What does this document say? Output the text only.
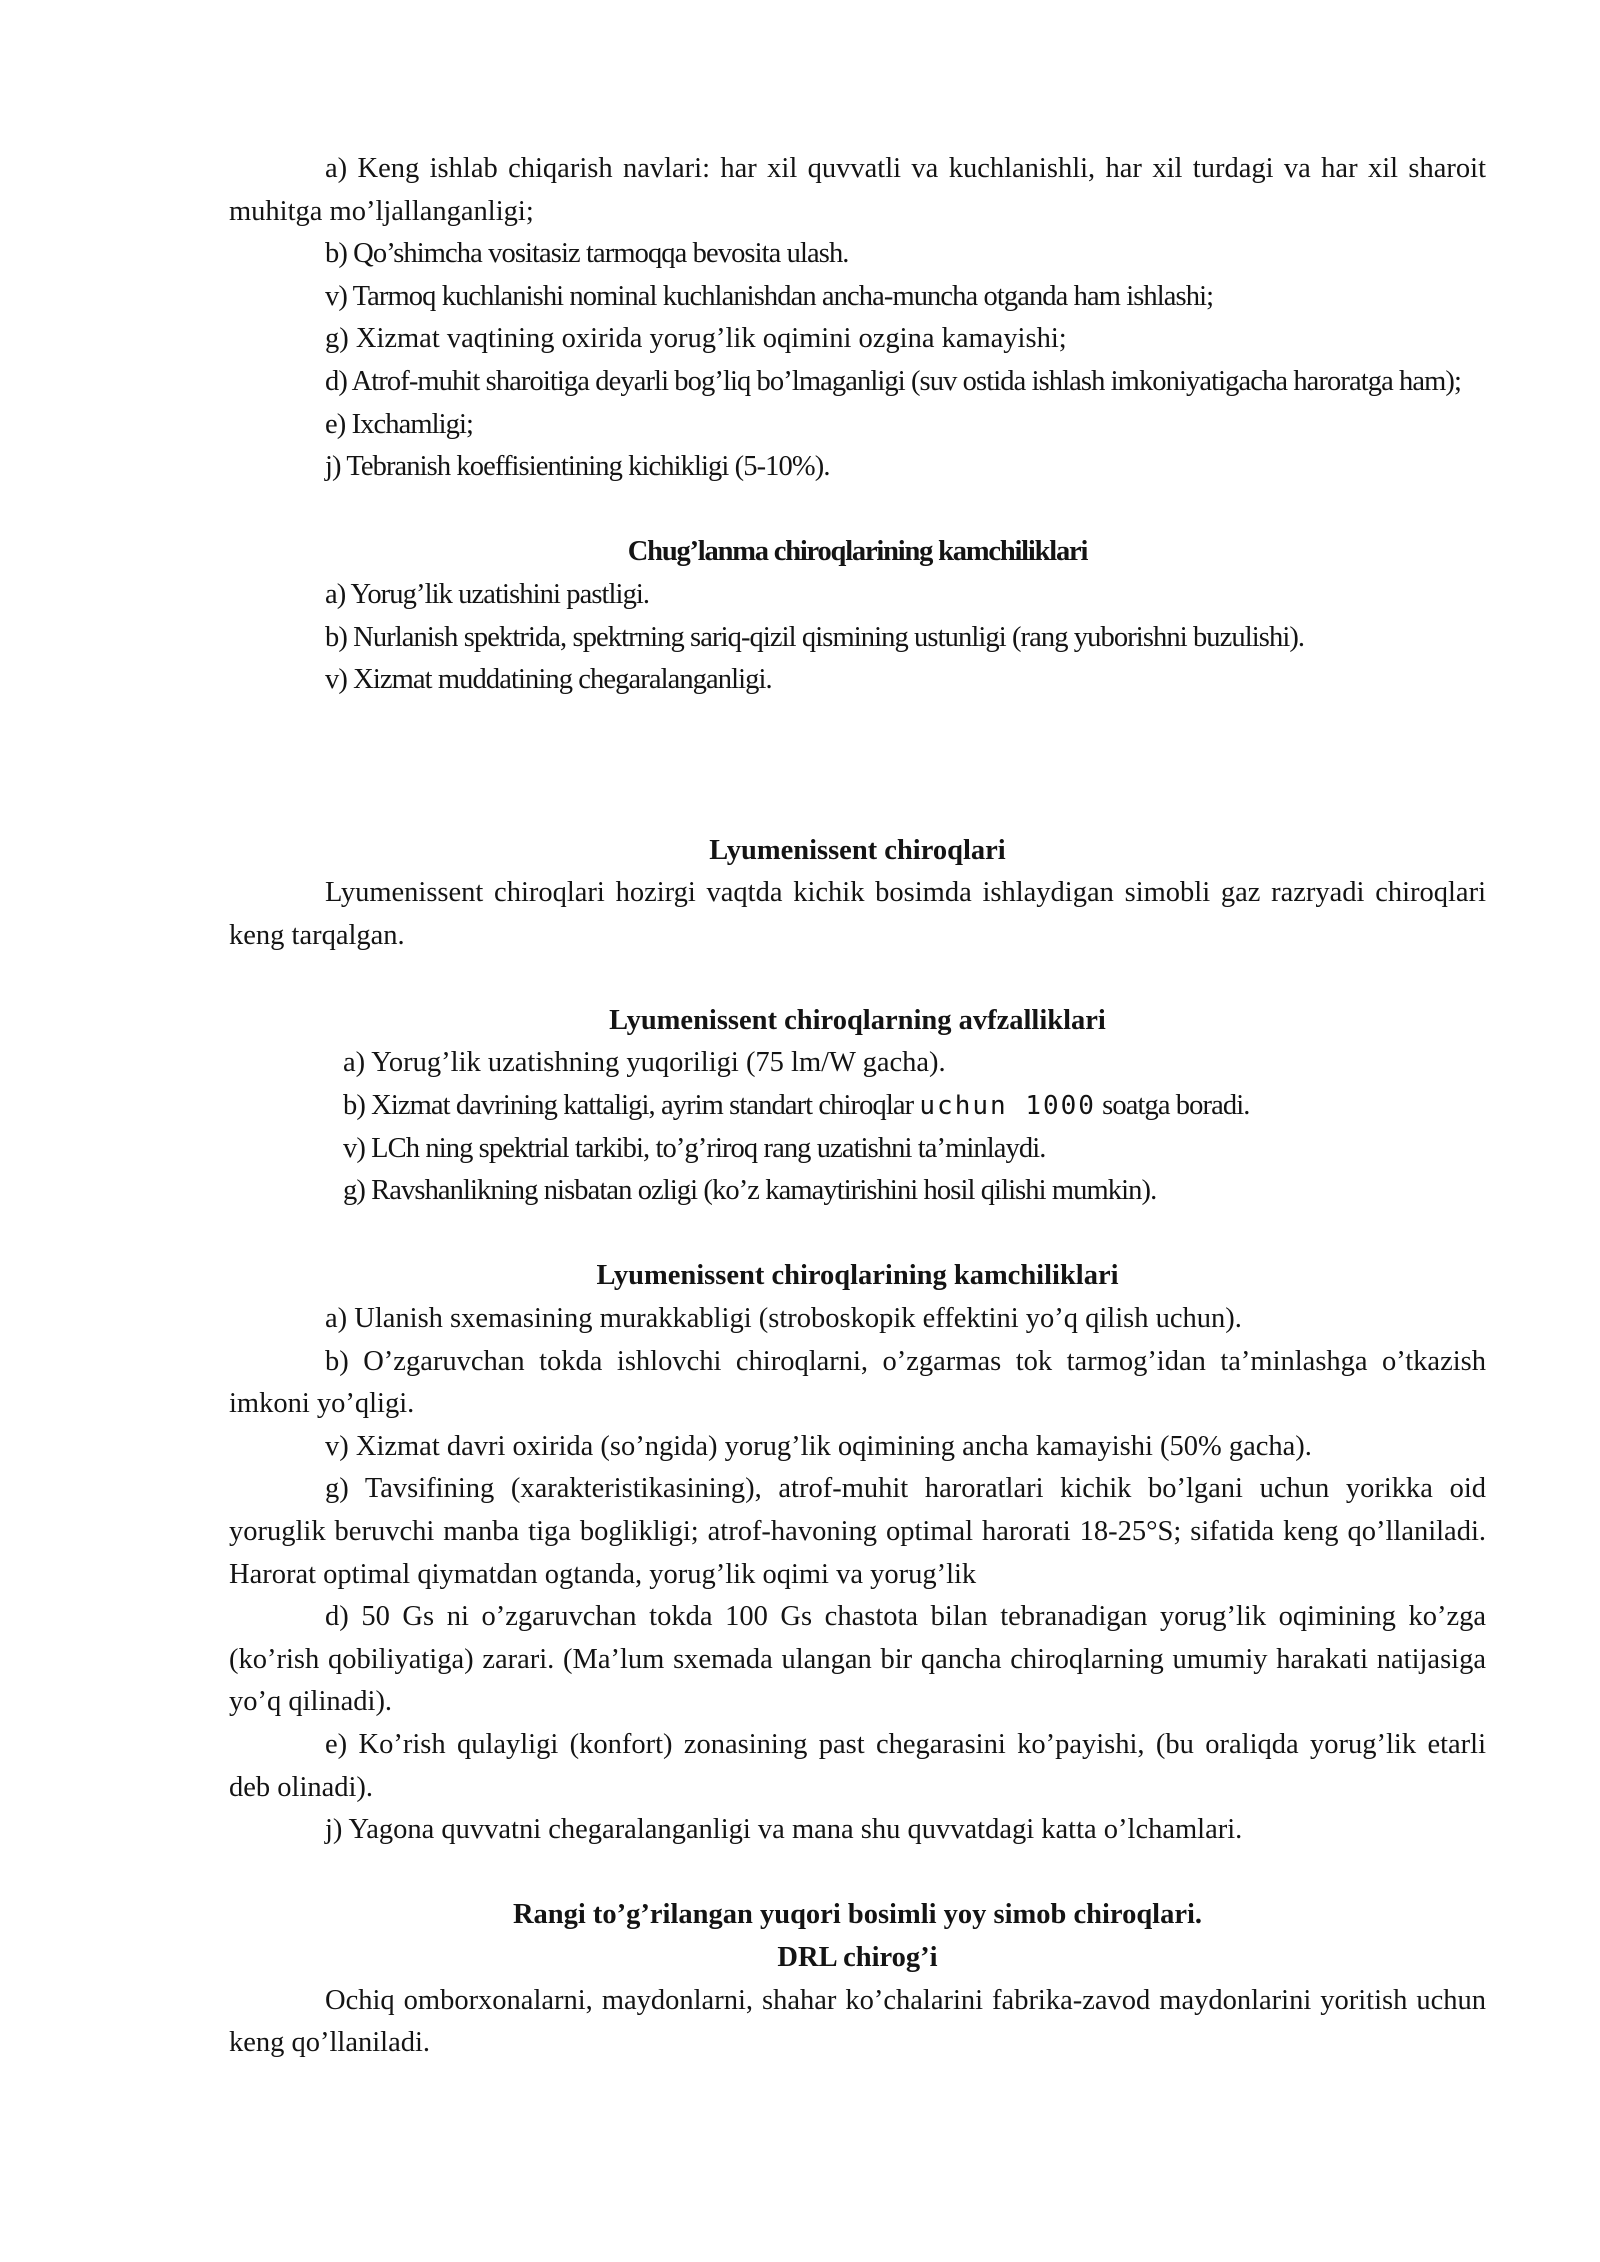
a) Keng ishlab chiqarish navlari: har xil quvvatli va kuchlanishli, har xil turdagi va har xil sharoit muhitga mo’ljallanganligi;

b) Qo’shimcha vositasiz tarmoqqa bevosita ulash.

v) Tarmoq kuchlanishi nominal kuchlanishdan ancha-muncha otganda ham ishlashi;

g) Xizmat vaqtining oxirida yorug’lik oqimini ozgina kamayishi;

d) Atrof-muhit sharoitiga deyarli bog’liq bo’lmaganligi (suv ostida ishlash imkoniyatigacha haroratga ham);

e) Ixchamligi;

j) Tebranish koeffisientining kichikligi (5-10%).

Chug’lanma chiroqlarining kamchiliklari

a) Yorug’lik uzatishini pastligi.

b) Nurlanish spektrida, spektrning sariq-qizil qismining ustunligi (rang yuborishni buzulishi).

v) Xizmat muddatining chegaralanganligi.

Lyumenissent chiroqlari

Lyumenissent chiroqlari hozirgi vaqtda kichik bosimda ishlaydigan simobli gaz razryadi chiroqlari keng tarqalgan.

Lyumenissent chiroqlarning avfzalliklari

a) Yorug’lik uzatishning yuqoriligi (75 lm/W gacha).

b) Xizmat davrining kattaligi, ayrim standart chiroqlar uchun 1000 soatga boradi.

v) LCh ning spektrial tarkibi, to’g’riroq rang uzatishni ta’minlaydi.

g) Ravshanlikning nisbatan ozligi (ko’z kamaytirishini hosil qilishi mumkin).

Lyumenissent chiroqlarining kamchiliklari

a) Ulanish sxemasining murakkabligi (stroboskopik effektini yo’q qilish uchun).

b) O’zgaruvchan tokda ishlovchi chiroqlarni, o’zgarmas tok tarmog’idan ta’minlashga o’tkazish imkoni yo’qligi.

v) Xizmat davri oxirida (so’ngida) yorug’lik oqimining ancha kamayishi (50% gacha).

g) Tavsifining (xarakteristikasining), atrof-muhit haroratlari kichik bo’lgani uchun yorikka oid yoruglik beruvchi manba tiga boglikligi; atrof-havoning optimal harorati 18-25°S; sifatida keng qo’llaniladi. Harorat optimal qiymatdan ogtanda, yorug’lik oqimi va yorug’lik

d) 50 Gs ni o’zgaruvchan tokda 100 Gs chastota bilan tebranadigan yorug’lik oqimining ko’zga (ko’rish qobiliyatiga) zarari. (Ma’lum sxemada ulangan bir qancha chiroqlarning umumiy harakati natijasiga yo’q qilinadi).

e) Ko’rish qulayligi (konfort) zonasining past chegarasini ko’payishi, (bu oraliqda yorug’lik etarli deb olinadi).

j) Yagona quvvatni chegaralanganligi va mana shu quvvatdagi katta o’lchamlari.

Rangi to’g’rilangan yuqori bosimli yoy simob chiroqlari.

DRL chirog’i

Ochiq omborxonalarni, maydonlarni, shahar ko’chalarini fabrika-zavod maydonlarini yoritish uchun keng qo’llaniladi.
